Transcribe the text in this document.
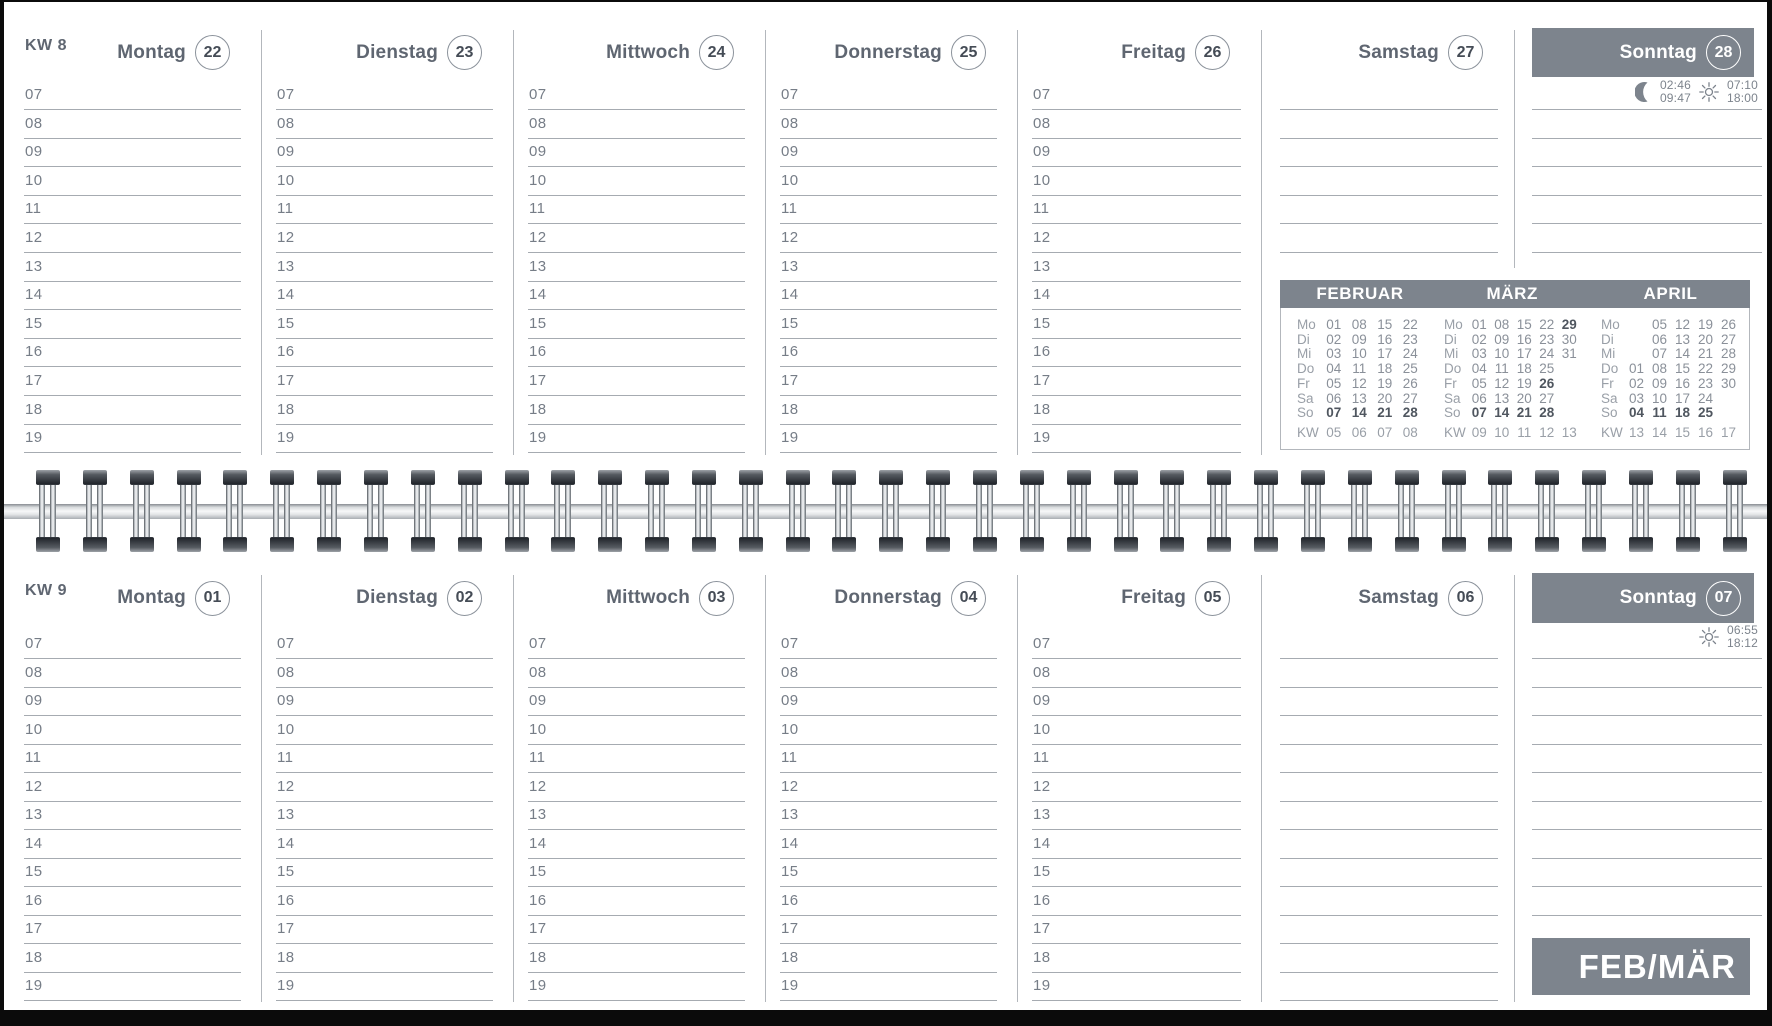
KW 8
KW 9
Montag	22	Dienstag	23	Mittwoch	24	Donnerstag	25	Freitag	26	Samstag	27	Sonntag	28
07
08
09
10
11
12
13
14
15
16
17
18
19
07
08
09
10
11
12
13
14
15
16
17
18
19
07
08
09
10
11
12
13
14
15
16
17
18
19
07
08
09
10
11
12
13
14
15
16
17
18
19
07
08
09
10
11
12
13
14
15
16
17
18
19
02:46
09:47
07:10
18:00
FEBRUAR
Mo 01 08 15 22
Di	02 09 16 23
Mi	03 10 17 24
Do 04 11 18 25
Fr	05 12 19 26
Sa 06 13 20 27
So 07 14 21 28
KW 05 06 07 08
MÄRZ
Mo 01 08 15 22 29
Di	02 09 16 23 30
Mi 03 10 17 24 31
Do 04 11 18 25
Fr	05 12 19 26
Sa 06 13 20 27
So 07 14 21 28
KW 09 10 11 12 13
APRIL
Mo	05 12 19 26
Di	06 13 20 27
Mi	07 14 21 28
Do 01 08 15 22 29
Fr	02 09 16 23 30
Sa 03 10 17 24
So 04 11 18 25
KW 13 14 15 16 17
Montag	01	Dienstag	02	Mittwoch	03	Donnerstag	04	Freitag	05	Samstag	06	Sonntag	07
07
08
09
10
11
12
13
14
15
16
17
18
19
07
08
09
10
11
12
13
14
15
16
17
18
19
07
08
09
10
11
12
13
14
15
16
17
18
19
07
08
09
10
11
12
13
14
15
16
17
18
19
07
08
09
10
11
12
13
14
15
16
17
18
19
06:55
18:12
FEB/MÄR
